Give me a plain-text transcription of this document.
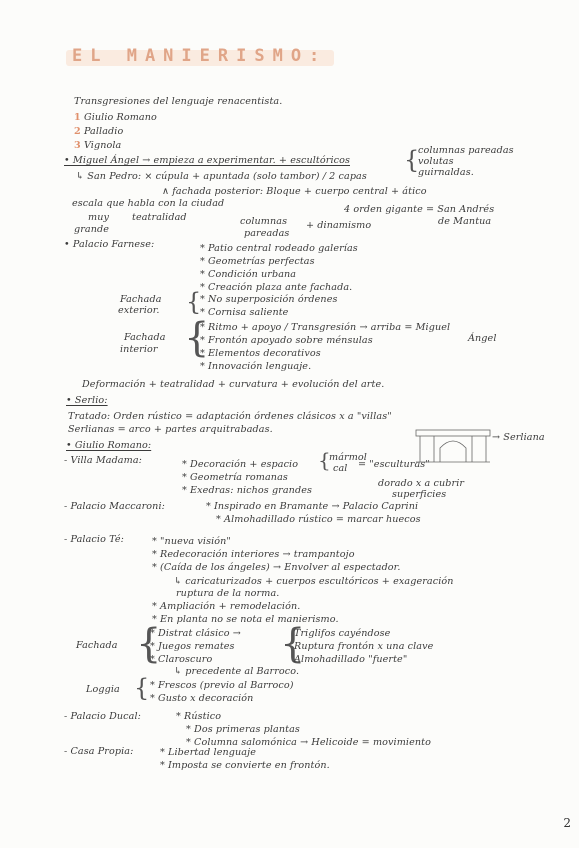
EL MANIERISMO:
Transgresiones del lenguaje renacentista.
1 Giulio Romano
2 Palladio
3 Vignola
• Miguel Ángel → empieza a experimentar. + escultóricos {
columnas pareadas
volutas
guirnaldas.
↳ San Pedro: × cúpula + apuntada (solo tambor) / 2 capas
∧ fachada posterior: Bloque + cuerpo central + ático
escala que habla con la ciudad
4 orden gigante = San Andrés
de Mantua
muy teatralidad	columnas + dinamismo
grande	pareadas
• Palacio Farnese:	* Patio central rodeado galerías
* Geometrías perfectas
* Condición urbana
* Creación plaza ante fachada.
Fachada
exterior. {
* No superposición órdenes
* Cornisa saliente
Fachada
interior {
* Ritmo + apoyo / Transgresión → arriba = Miguel
Ángel
* Frontón apoyado sobre ménsulas
* Elementos decorativos
* Innovación lenguaje.
Deformación + teatralidad + curvatura + evolución del arte.
• Serlio:
Tratado: Orden rústico = adaptación órdenes clásicos x a "villas"
Serlianas = arco + partes arquitrabadas.
• Giulio Romano:
- Villa Madama:	* Decoración + espacio {
mármol
cal = "esculturas"
* Geometría romanas
* Exedras: nichos grandes
dorado x a cubrir
superficies
→ Serliana
- Palacio Maccaroni:	* Inspirado en Bramante → Palacio Caprini
* Almohadillado rústico = marcar huecos
- Palacio Té:	* "nueva visión"
* Redecoración interiores → trampantojo
* (Caída de los ángeles) → Envolver al espectador.
↳ caricaturizados + cuerpos escultóricos + exageración
ruptura de la norma.
* Ampliación + remodelación.
* En planta no se nota el manierismo.
Fachada {
* Distrat clásico →
* Juegos remates
* Claroscuro {
Triglifos cayéndose
Ruptura frontón x una clave
Almohadillado "fuerte"
↳ precedente al Barroco.
Loggia { * Frescos (previo al Barroco)
* Gusto x decoración
- Palacio Ducal:	* Rústico
* Dos primeras plantas
* Columna salomónica → Helicoide = movimiento
- Casa Propia:	* Libertad lenguaje
* Imposta se convierte en frontón.
2
